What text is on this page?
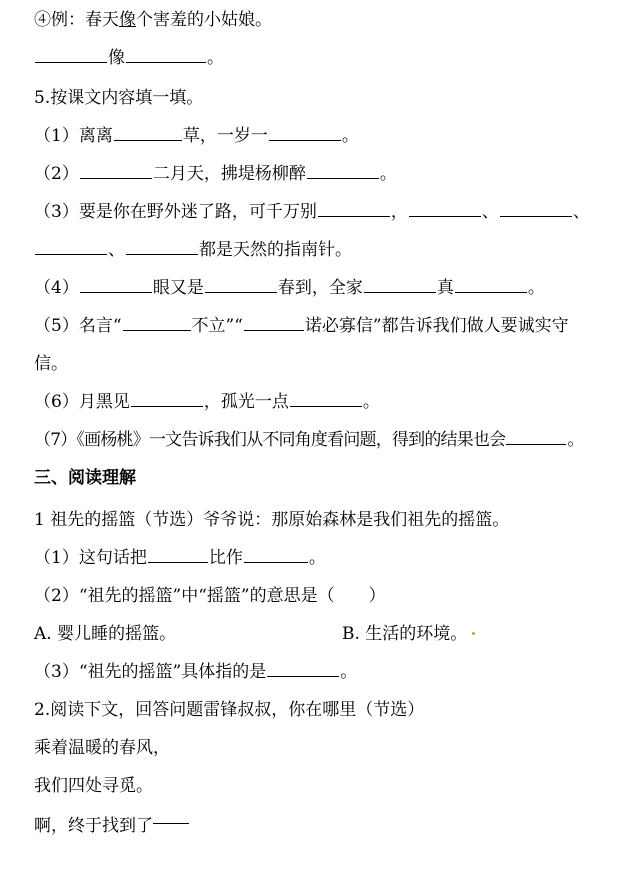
④例：春天像个害羞的小姑娘。
像	。
5.按课文内容填一填。
（1）离离	草，一岁一	。
（2）	二月天，拂堤杨柳醉	。
（3）要是你在野外迷了路，可千万别	，	、	、
、	都是天然的指南针。
（4）	眼又是	春到，全家	真	。
（5）名言“	不立”“	诺必寡信”都告诉我们做人要诚实守
信。
（6）月黑见	，孤光一点	。
（7）《画杨桃》一文告诉我们从不同角度看问题，得到的结果也会	。
三、阅读理解
1 祖先的摇篮（节选）爷爷说：那原始森林是我们祖先的摇篮。
（1）这句话把	比作	。
（2）“祖先的摇篮”中“摇篮”的意思是（　　）
A. 婴儿睡的摇篮。	B. 生活的环境。
（3）“祖先的摇篮”具体指的是	。
2.阅读下文，回答问题雷锋叔叔，你在哪里（节选）
乘着温暖的春风，
我们四处寻觅。
啊，终于找到了
